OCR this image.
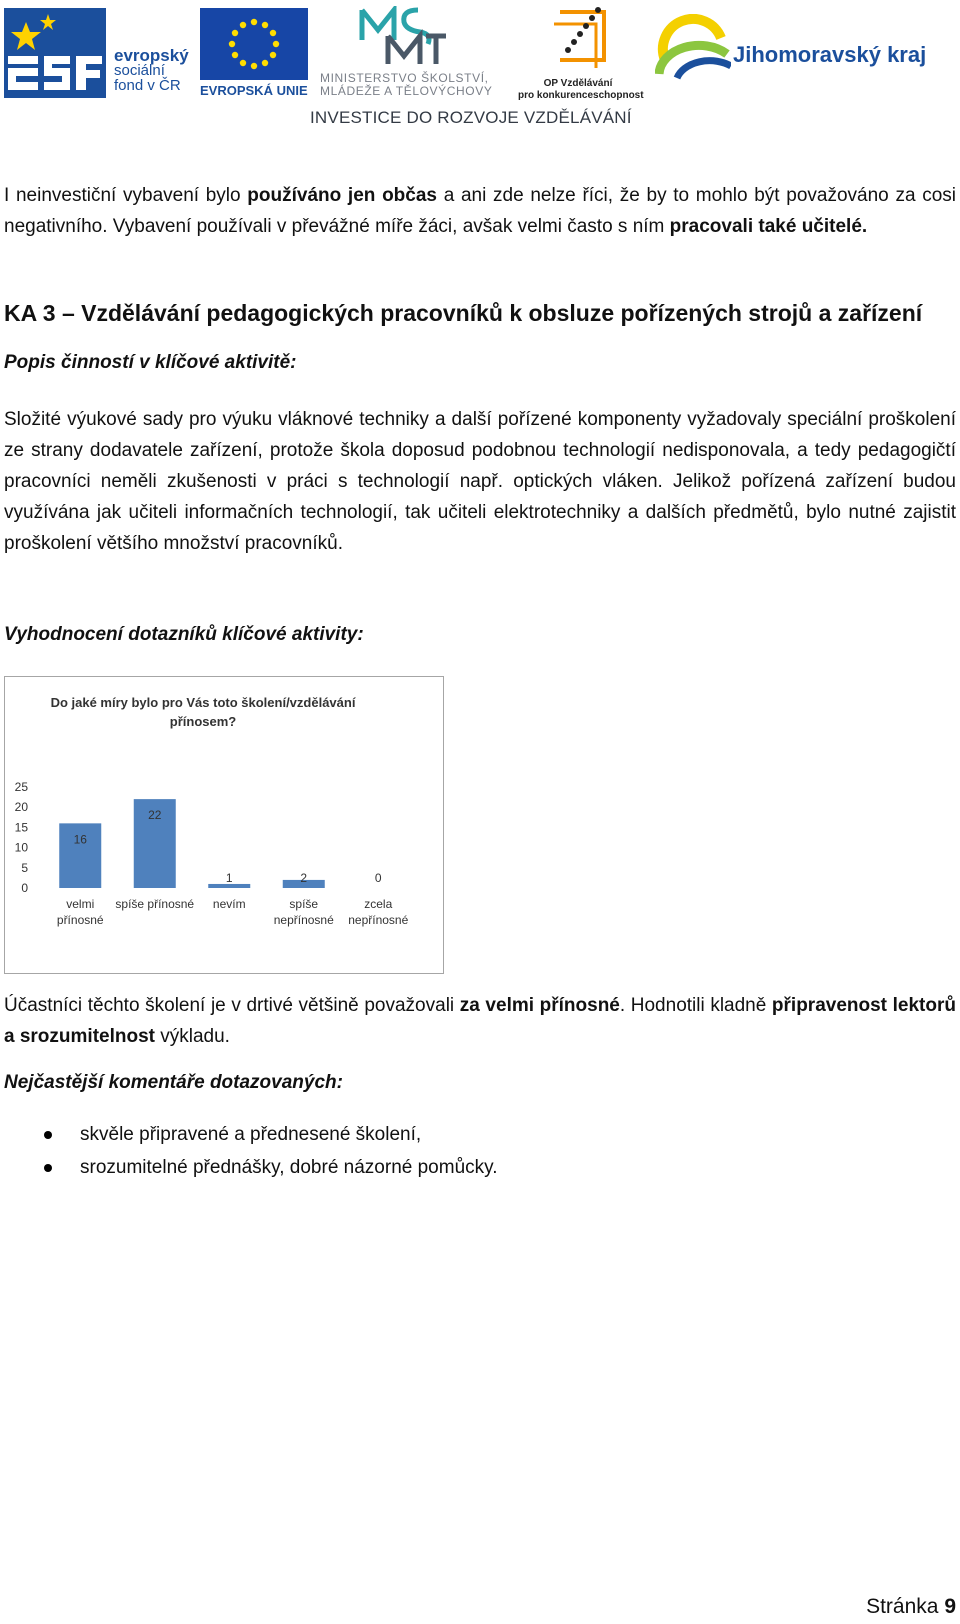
evropský
sociální
fond v ČR	EVROPSKÁ UNIE
MINISTERSTVO ŠKOLSTVÍ,
MLÁDEŽE A TĚLOVÝCHOVY
OP Vzdělávání
pro konkurenceschopnost
Jihomoravský kraj
INVESTICE DO ROZVOJE VZDĚLÁVÁNÍ

I neinvestiční vybavení bylo používáno jen občas a ani zde nelze říci, že by to mohlo být považováno za cosi negativního. Vybavení používali v převážné míře žáci, avšak velmi často s ním pracovali také učitelé.

KA 3 – Vzdělávání pedagogických pracovníků k obsluze pořízených strojů a zařízení
Popis činností v klíčové aktivitě:

Složité výukové sady pro výuku vláknové techniky a další pořízené komponenty vyžadovaly speciální proškolení ze strany dodavatele zařízení, protože škola doposud podobnou technologií nedisponovala, a tedy pedagogičtí pracovníci neměli zkušenosti v práci s technologií např. optických vláken. Jelikož pořízená zařízení budou využívána jak učiteli informačních technologií, tak učiteli elektrotechniky a dalších předmětů, bylo nutné zajistit proškolení většího množství pracovníků.

Vyhodnocení dotazníků klíčové aktivity:
Do jaké míry bylo pro Vás toto školení/vzdělávání
přínosem?
0
5
10
15
20
25
16
22
1	2	0
velmi
přínosné
spíše přínosné nevím	spíše
nepřínosné
zcela
nepřínosné

Účastníci těchto školení je v drtivé většině považovali za velmi přínosné. Hodnotili kladně připravenost lektorů a srozumitelnost výkladu.

Nejčastější komentáře dotazovaných:
skvěle připravené a přednesené školení,
srozumitelné přednášky, dobré názorné pomůcky.
Stránka 9
